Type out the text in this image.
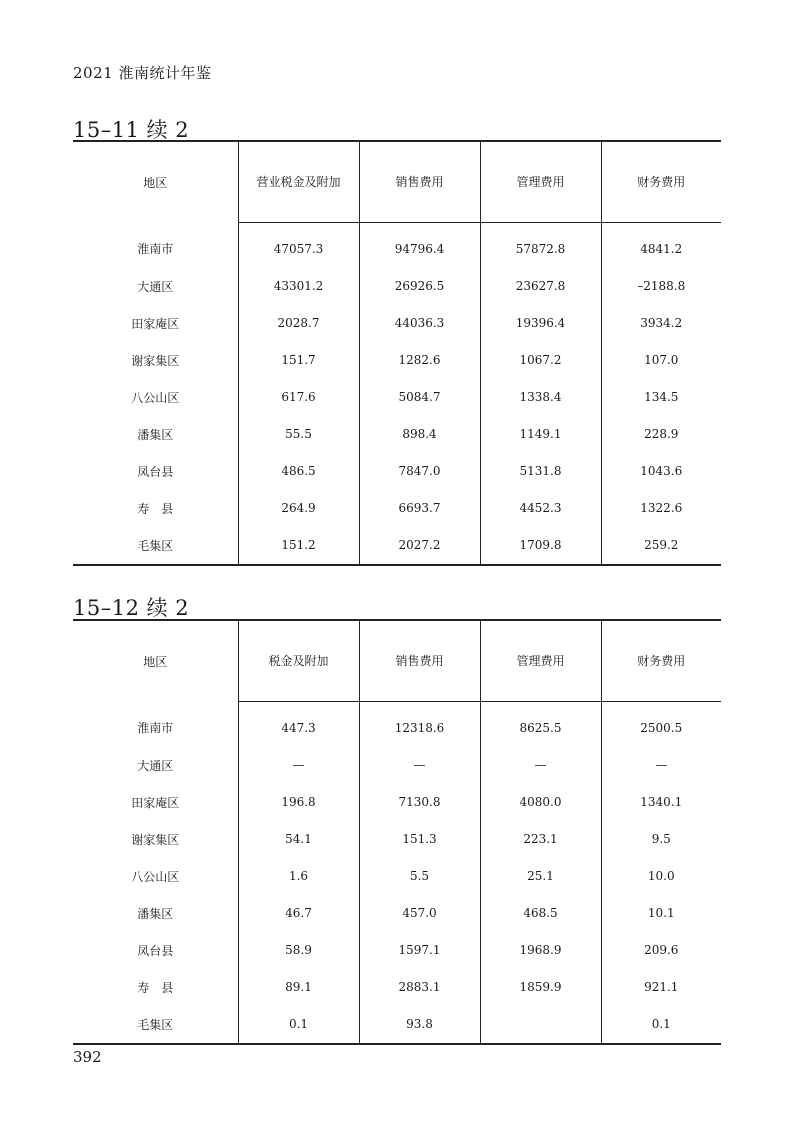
2021 淮南统计年鉴
15–11 续 2
地区	营业税金及附加	销售费用	管理费用	财务费用
淮南市	47057.3	94796.4	57872.8	4841.2
大通区	43301.2	26926.5	23627.8	–2188.8
田家庵区	2028.7	44036.3	19396.4	3934.2
谢家集区	151.7	1282.6	1067.2	107.0
八公山区	617.6	5084.7	1338.4	134.5
潘集区	55.5	898.4	1149.1	228.9
凤台县	486.5	7847.0	5131.8	1043.6
寿　县	264.9	6693.7	4452.3	1322.6
毛集区	151.2	2027.2	1709.8	259.2
15–12 续 2
地区	税金及附加	销售费用	管理费用	财务费用
淮南市	447.3	12318.6	8625.5	2500.5
大通区	—	—	—	—
田家庵区	196.8	7130.8	4080.0	1340.1
谢家集区	54.1	151.3	223.1	9.5
八公山区	1.6	5.5	25.1	10.0
潘集区	46.7	457.0	468.5	10.1
凤台县	58.9	1597.1	1968.9	209.6
寿　县	89.1	2883.1	1859.9	921.1
毛集区	0.1	93.8		0.1
392
